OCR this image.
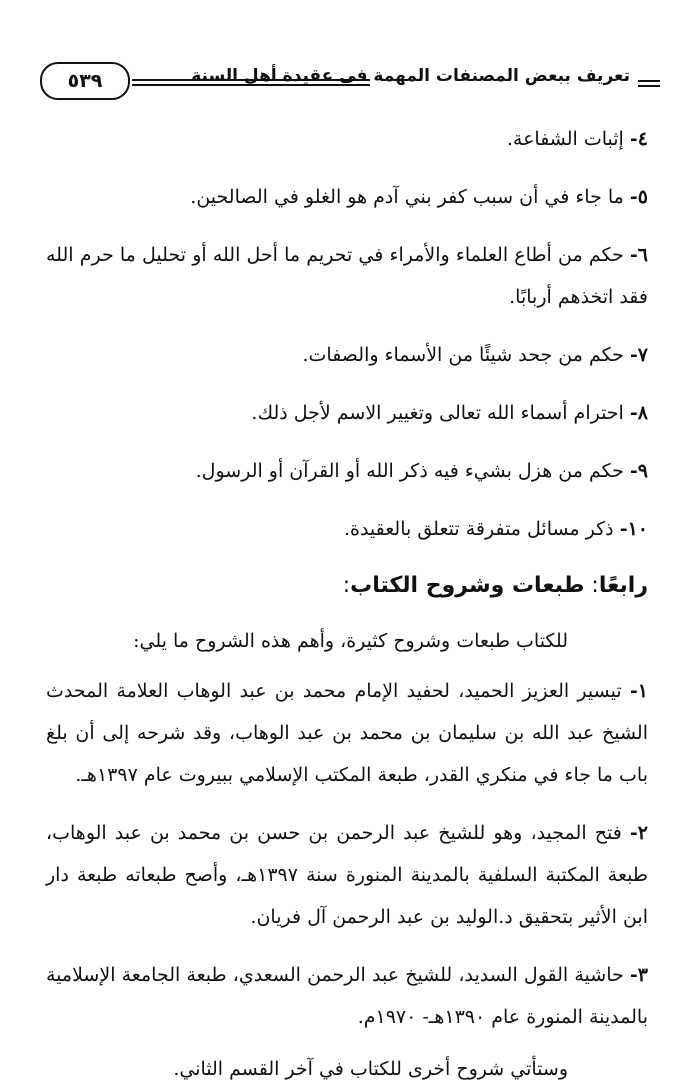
تعريف ببعض المصنفات المهمة في عقيدة أهل السنة
٥٣٩

٤- إثبات الشفاعة.

٥- ما جاء في أن سبب كفر بني آدم هو الغلو في الصالحين.

٦- حكم من أطاع العلماء والأمراء في تحريم ما أحل الله أو تحليل ما حرم الله فقد اتخذهم أربابًا.

٧- حكم من جحد شيئًا من الأسماء والصفات.

٨- احترام أسماء الله تعالى وتغيير الاسم لأجل ذلك.

٩- حكم من هزل بشيء فيه ذكر الله أو القرآن أو الرسول.

١٠- ذكر مسائل متفرقة تتعلق بالعقيدة.

رابعًا: طبعات وشروح الكتاب:

للكتاب طبعات وشروح كثيرة، وأهم هذه الشروح ما يلي:

١- تيسير العزيز الحميد، لحفيد الإمام محمد بن عبد الوهاب العلامة المحدث الشيخ عبد الله بن سليمان بن محمد بن عبد الوهاب، وقد شرحه إلى أن بلغ باب ما جاء في منكري القدر، طبعة المكتب الإسلامي ببيروت عام ١٣٩٧هـ.

٢- فتح المجيد، وهو للشيخ عبد الرحمن بن حسن بن محمد بن عبد الوهاب، طبعة المكتبة السلفية بالمدينة المنورة سنة ١٣٩٧هـ، وأصح طبعاته طبعة دار ابن الأثير بتحقيق د.الوليد بن عبد الرحمن آل فريان.

٣- حاشية القول السديد، للشيخ عبد الرحمن السعدي، طبعة الجامعة الإسلامية بالمدينة المنورة عام ١٣٩٠هـ- ١٩٧٠م.

وستأتي شروح أخرى للكتاب في آخر القسم الثاني.
